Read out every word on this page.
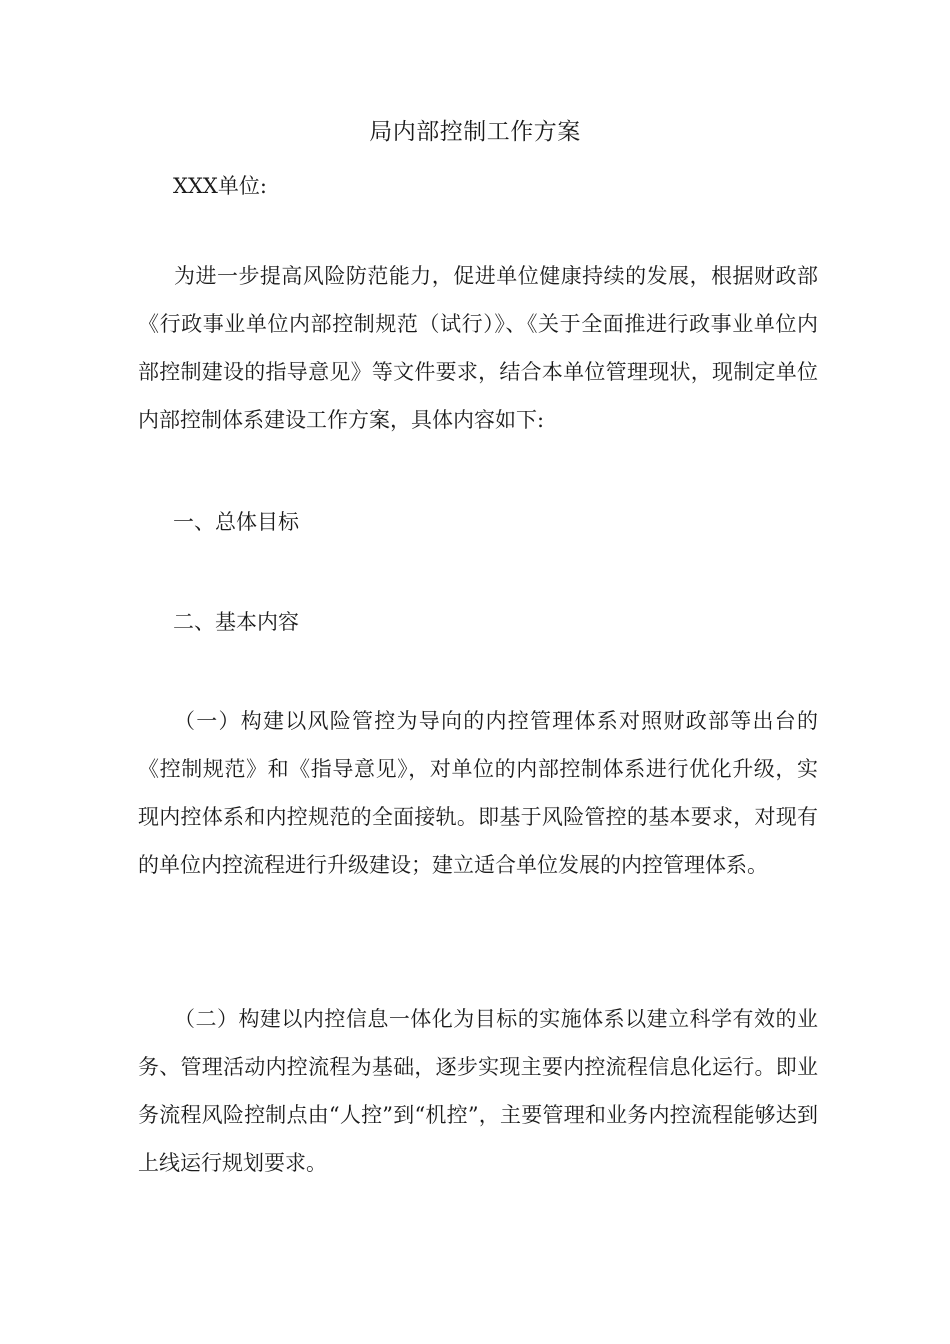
局内部控制工作方案
XXX单位:

为进一步提高风险防范能力，促进单位健康持续的发展，根据财政部《行政事业单位内部控制规范（试行）》、《关于全面推进行政事业单位内部控制建设的指导意见》等文件要求，结合本单位管理现状，现制定单位内部控制体系建设工作方案，具体内容如下:

一、总体目标
二、基本内容

（一）构建以风险管控为导向的内控管理体系对照财政部等出台的《控制规范》和《指导意见》，对单位的内部控制体系进行优化升级，实现内控体系和内控规范的全面接轨。即基于风险管控的基本要求，对现有的单位内控流程进行升级建设；建立适合单位发展的内控管理体系。

（二）构建以内控信息一体化为目标的实施体系以建立科学有效的业务、管理活动内控流程为基础，逐步实现主要内控流程信息化运行。即业务流程风险控制点由“人控”到“机控”，主要管理和业务内控流程能够达到上线运行规划要求。
